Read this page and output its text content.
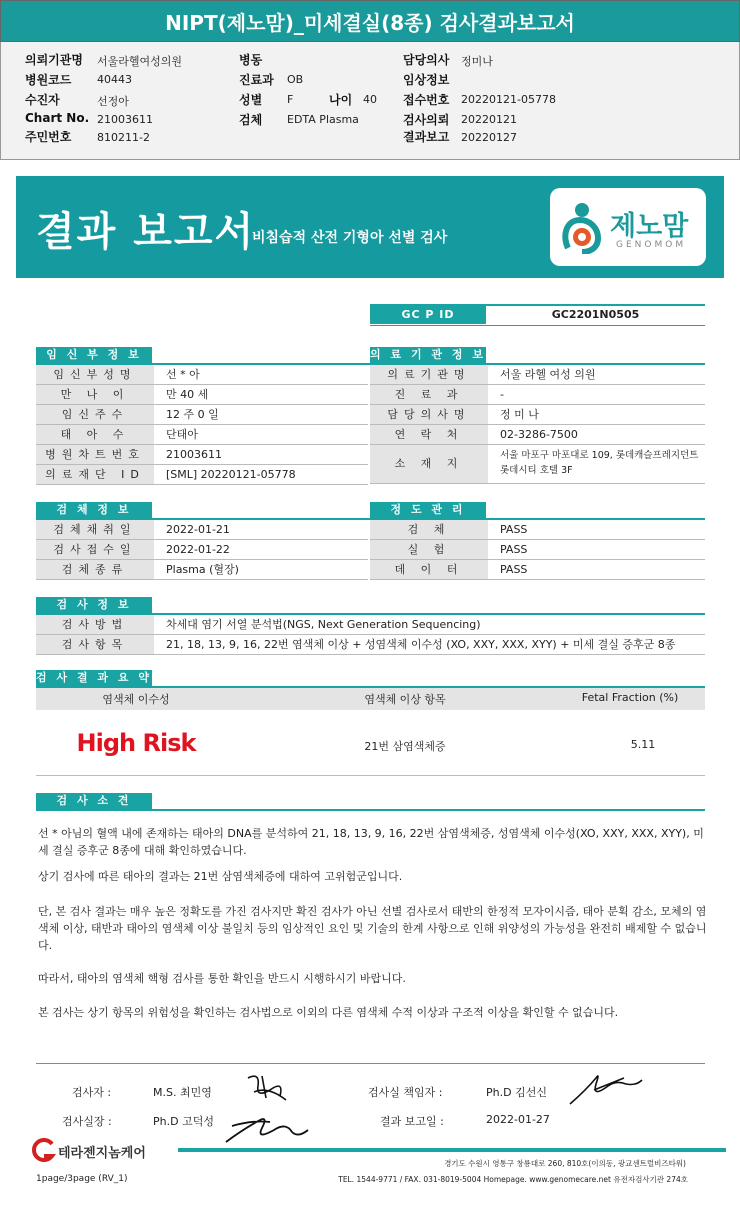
NIPT(제노맘)_미세결실(8종) 검사결과보고서
의뢰기관명 서울라헬여성의원
병원코드 40443
수진자	선정아
Chart No. 21003611
주민번호 810211-2
병동
진료과 OB
성별 F	나이 40
검체 EDTA Plasma
담당의사 정미나
임상정보
접수번호 20220121-05778
검사의뢰 20220121
결과보고 20220127
결과 보고서
비침습적 산전 기형아 선별 검사	제노맘
GENOMOM
GC P ID	GC2201N0505
임 신 부 정 보
임신부성명	선 * 아
만 나 이	만 40 세
임신주수	12 주 0 일
태 아 수	단태아
병원차트번호	21003611
의료재단 ID	[SML] 20220121-05778
의 료 기 관 정 보
의료기관명	서울 라헬 여성 의원
진 료 과	-
담당의사명	정 미 나
연 락 처	02-3286-7500
소 재 지
서울 마포구 마포대로 109, 롯데캐슬프레지던트 롯데시티 호텔 3F
검 체 정 보
검체채취일	2022-01-21
검사접수일	2022-01-22
검체종류	Plasma (혈장)
정 도 관 리
검 체	PASS
실 험	PASS
데 이 터	PASS
검 사 정 보
검사방법	차세대 염기 서열 분석법(NGS, Next Generation Sequencing)
검사항목	21, 18, 13, 9, 16, 22번 염색체 이상 + 성염색체 이수성 (XO, XXY, XXX, XYY) + 미세 결실 증후군 8종
검 사 결 과 요 약
염색체 이수성	염색체 이상 항목	Fetal Fraction (%)
High Risk	21번 삼염색체증	5.11
검 사 소 견
선 * 아님의 혈액 내에 존재하는 태아의 DNA를 분석하여 21, 18, 13, 9, 16, 22번 삼염색체증, 성염색체 이수성(XO, XXY, XXX, XYY), 미세 결실 증후군 8종에 대해 확인하였습니다.
상기 검사에 따른 태아의 결과는 21번 삼염색체증에 대하여 고위험군입니다.
단, 본 검사 결과는 매우 높은 정확도를 가진 검사지만 확진 검사가 아닌 선별 검사로서 태반의 한정적 모자이시즘, 태아 분획 감소, 모체의 염색체 이상, 태반과 태아의 염색체 이상 불일치 등의 임상적인 요인 및 기술의 한계 사항으로 인해 위양성의 가능성을 완전히 배제할 수 없습니다.
따라서, 태아의 염색체 핵형 검사를 통한 확인을 반드시 시행하시기 바랍니다.
본 검사는 상기 항목의 위험성을 확인하는 검사법으로 이외의 다른 염색체 수적 이상과 구조적 이상을 확인할 수 없습니다.
검사자 :	M.S. 최민영	검사실 책임자 :	Ph.D 김선신
검사실장 :	Ph.D 고덕성	결과 보고일 :	2022-01-27
테라젠지놈케어
경기도 수원시 영통구 창룡대로 260, 810호(이의동, 광교센트럴비즈타워)
TEL. 1544-9771 / FAX. 031-8019-5004 Homepage. www.genomecare.net 유전자검사기관 274호
1page/3page (RV_1)
